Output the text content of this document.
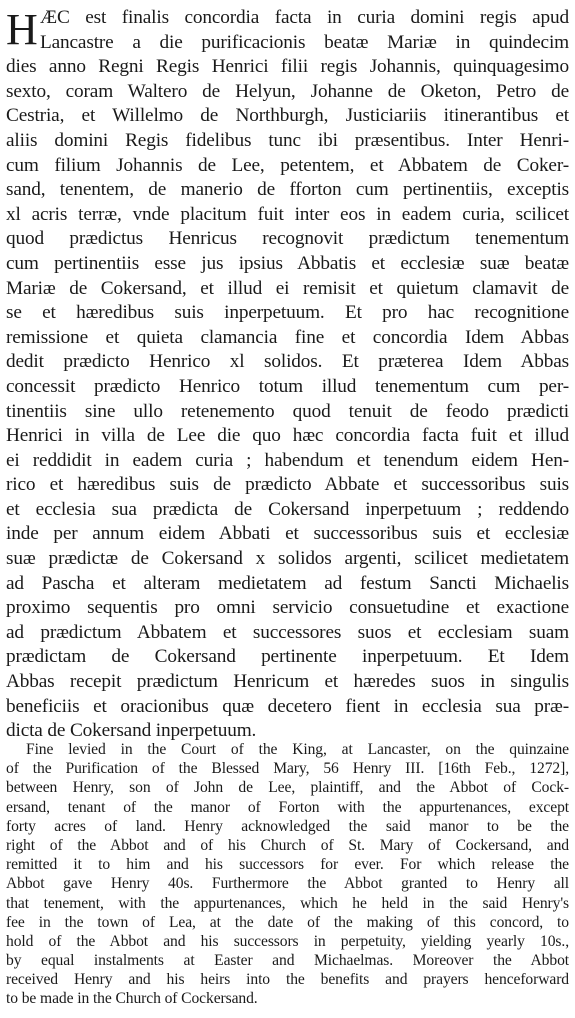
H ÆC est finalis concordia facta in curia domini regis apud
Lancastre a die purificacionis beatæ Mariæ in quindecim
dies anno Regni Regis Henrici filii regis Johannis, quinquagesimo
sexto, coram Waltero de Helyun, Johanne de Oketon, Petro de
Cestria, et Willelmo de Northburgh, Justiciariis itinerantibus et
aliis domini Regis fidelibus tunc ibi præsentibus. Inter Henri-
cum filium Johannis de Lee, petentem, et Abbatem de Coker-
sand, tenentem, de manerio de fforton cum pertinentiis, exceptis
xl acris terræ, vnde placitum fuit inter eos in eadem curia, scilicet
quod prædictus Henricus recognovit prædictum tenementum
cum pertinentiis esse jus ipsius Abbatis et ecclesiæ suæ beatæ
Mariæ de Cokersand, et illud ei remisit et quietum clamavit de
se et hæredibus suis inperpetuum. Et pro hac recognitione
remissione et quieta clamancia fine et concordia Idem Abbas
dedit prædicto Henrico xl solidos. Et præterea Idem Abbas
concessit prædicto Henrico totum illud tenementum cum per-
tinentiis sine ullo retenemento quod tenuit de feodo prædicti
Henrici in villa de Lee die quo hæc concordia facta fuit et illud
ei reddidit in eadem curia ; habendum et tenendum eidem Hen-
rico et hæredibus suis de prædicto Abbate et successoribus suis
et ecclesia sua prædicta de Cokersand inperpetuum ; reddendo
inde per annum eidem Abbati et successoribus suis et ecclesiæ
suæ prædictæ de Cokersand x solidos argenti, scilicet medietatem
ad Pascha et alteram medietatem ad festum Sancti Michaelis
proximo sequentis pro omni servicio consuetudine et exactione
ad prædictum Abbatem et successores suos et ecclesiam suam
prædictam de Cokersand pertinente inperpetuum. Et Idem
Abbas recepit prædictum Henricum et hæredes suos in singulis
beneficiis et oracionibus quæ decetero fient in ecclesia sua præ-
dicta de Cokersand inperpetuum.
Fine levied in the Court of the King, at Lancaster, on the quinzaine
of the Purification of the Blessed Mary, 56 Henry III. [16th Feb., 1272],
between Henry, son of John de Lee, plaintiff, and the Abbot of Cock-
ersand, tenant of the manor of Forton with the appurtenances, except
forty acres of land. Henry acknowledged the said manor to be the
right of the Abbot and of his Church of St. Mary of Cockersand, and
remitted it to him and his successors for ever. For which release the
Abbot gave Henry 40s. Furthermore the Abbot granted to Henry all
that tenement, with the appurtenances, which he held in the said Henry's
fee in the town of Lea, at the date of the making of this concord, to
hold of the Abbot and his successors in perpetuity, yielding yearly 10s.,
by equal instalments at Easter and Michaelmas. Moreover the Abbot
received Henry and his heirs into the benefits and prayers henceforward
to be made in the Church of Cockersand.
